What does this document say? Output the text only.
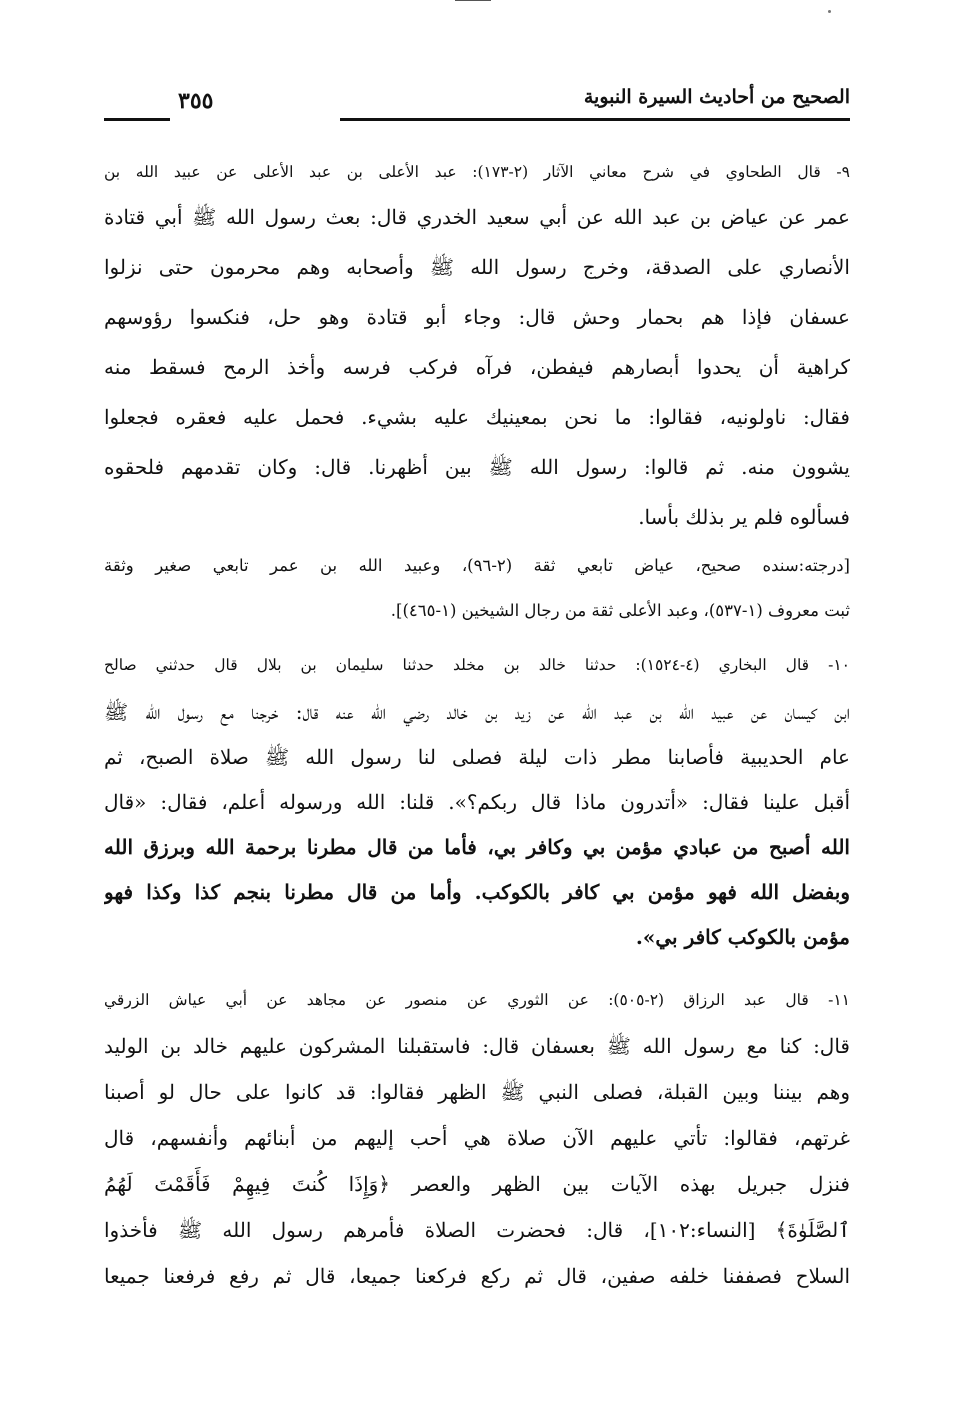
الصحيح من أحاديث السيرة النبوية
٣٥٥
٩- قال الطحاوي في شرح معاني الآثار (٢-١٧٣): عبد الأعلى بن عبد الأعلى عن عبيد الله بن
عمر عن عياض بن عبد الله عن أبي سعيد الخدري قال: بعث رسول الله ﷺ أبي قتادة
الأنصاري على الصدقة، وخرج رسول الله ﷺ وأصحابه وهم محرمون حتى نزلوا
عسفان فإذا هم بحمار وحش قال: وجاء أبو قتادة وهو حل، فنكسوا رؤوسهم
كراهية أن يحدوا أبصارهم فيفطن، فرآه فركب فرسه وأخذ الرمح فسقط منه
فقال: ناولونيه، فقالوا: ما نحن بمعينيك عليه بشيء. فحمل عليه فعقره فجعلوا
يشوون منه. ثم قالوا: رسول الله ﷺ بين أظهرنا. قال: وكان تقدمهم فلحقوه
فسألوه فلم ير بذلك بأسا.
[درجته:سنده صحيح، عياض تابعي ثقة (٢-٩٦)، وعبيد الله بن عمر تابعي صغير وثقة
ثبت معروف (١-٥٣٧)، وعبد الأعلى ثقة من رجال الشيخين (١-٤٦٥)].
١٠- قال البخاري (٤-١٥٢٤): حدثنا خالد بن مخلد حدثنا سليمان بن بلال قال حدثني صالح
ابن كيسان عن عبيد الله بن عبد الله عن زيد بن خالد رضي الله عنه قال: خرجنا مع رسول الله ﷺ
عام الحديبية فأصابنا مطر ذات ليلة فصلى لنا رسول الله ﷺ صلاة الصبح، ثم
أقبل علينا فقال: «أتدرون ماذا قال ربكم؟». قلنا: الله ورسوله أعلم، فقال: «قال
الله أصبح من عبادي مؤمن بي وكافر بي، فأما من قال مطرنا برحمة الله وبرزق الله
وبفضل الله فهو مؤمن بي كافر بالكوكب. وأما من قال مطرنا بنجم كذا وكذا فهو
مؤمن بالكوكب كافر بي».
١١- قال عبد الرزاق (٢-٥٠٥): عن الثوري عن منصور عن مجاهد عن أبي عياش الزرقي
قال: كنا مع رسول الله ﷺ بعسفان قال: فاستقبلنا المشركون عليهم خالد بن الوليد
وهم بيننا وبين القبلة، فصلى النبي ﷺ الظهر فقالوا: قد كانوا على حال لو أصبنا
غرتهم، فقالوا: تأتي عليهم الآن صلاة هي أحب إليهم من أبنائهم وأنفسهم، قال
فنزل جبريل بهذه الآيات بين الظهر والعصر ﴿وَإِذَا كُنتَ فِيهِمْ فَأَقَمْتَ لَهُمُ
ٱلصَّلَوٰةَ﴾ [النساء:١٠٢]، قال: فحضرت الصلاة فأمرهم رسول الله ﷺ فأخذوا
السلاح فصففنا خلفه صفين، قال ثم ركع فركعنا جميعا، قال ثم رفع فرفعنا جميعا
